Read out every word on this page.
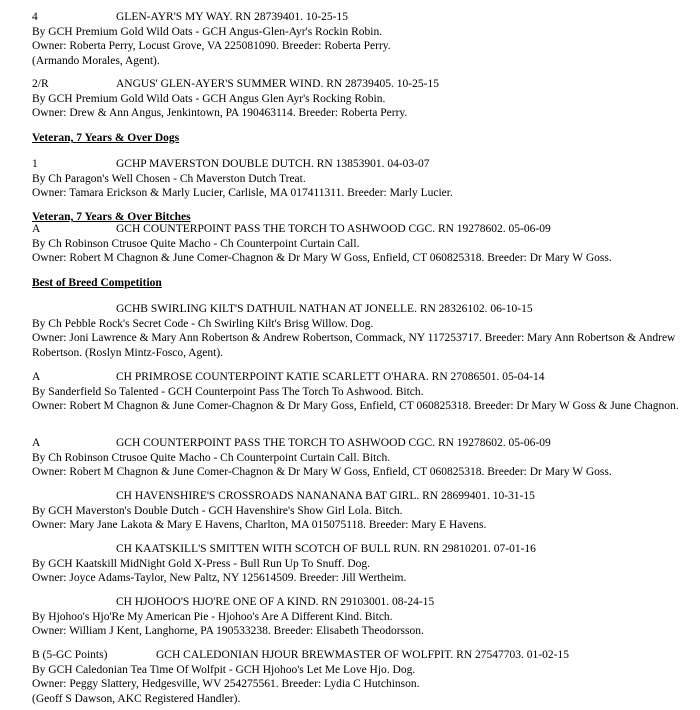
4	GLEN-AYR'S MY WAY. RN 28739401. 10-25-15
By GCH Premium Gold Wild Oats - GCH Angus-Glen-Ayr's Rockin Robin.
Owner: Roberta Perry, Locust Grove, VA 225081090. Breeder: Roberta Perry.
(Armando Morales, Agent).
2/R	ANGUS' GLEN-AYER'S SUMMER WIND. RN 28739405. 10-25-15
By GCH Premium Gold Wild Oats - GCH Angus Glen Ayr's Rocking Robin.
Owner: Drew & Ann Angus, Jenkintown, PA 190463114. Breeder: Roberta Perry.
Veteran, 7 Years & Over Dogs
1	GCHP MAVERSTON DOUBLE DUTCH. RN 13853901. 04-03-07
By Ch Paragon's Well Chosen - Ch Maverston Dutch Treat.
Owner: Tamara Erickson & Marly Lucier, Carlisle, MA 017411311. Breeder: Marly Lucier.
Veteran, 7 Years & Over Bitches
A	GCH COUNTERPOINT PASS THE TORCH TO ASHWOOD CGC. RN 19278602. 05-06-09
By Ch Robinson Ctrusoe Quite Macho - Ch Counterpoint Curtain Call.
Owner: Robert M Chagnon & June Comer-Chagnon & Dr Mary W Goss, Enfield, CT 060825318. Breeder: Dr Mary W Goss.
Best of Breed Competition
GCHB SWIRLING KILT'S DATHUIL NATHAN AT JONELLE. RN 28326102. 06-10-15
By Ch Pebble Rock's Secret Code - Ch Swirling Kilt's Brisg Willow. Dog.
Owner: Joni Lawrence & Mary Ann Robertson & Andrew Robertson, Commack, NY 117253717. Breeder: Mary Ann Robertson & Andrew Robertson. (Roslyn Mintz-Fosco, Agent).
A	CH PRIMROSE COUNTERPOINT KATIE SCARLETT O'HARA. RN 27086501. 05-04-14
By Sanderfield So Talented - GCH Counterpoint Pass The Torch To Ashwood. Bitch.
Owner: Robert M Chagnon & June Comer-Chagnon & Dr Mary Goss, Enfield, CT 060825318. Breeder: Dr Mary W Goss & June Chagnon.
A	GCH COUNTERPOINT PASS THE TORCH TO ASHWOOD CGC. RN 19278602. 05-06-09
By Ch Robinson Ctrusoe Quite Macho - Ch Counterpoint Curtain Call. Bitch.
Owner: Robert M Chagnon & June Comer-Chagnon & Dr Mary W Goss, Enfield, CT 060825318. Breeder: Dr Mary W Goss.
CH HAVENSHIRE'S CROSSROADS NANANANA BAT GIRL. RN 28699401. 10-31-15
By GCH Maverston's Double Dutch - GCH Havenshire's Show Girl Lola. Bitch.
Owner: Mary Jane Lakota & Mary E Havens, Charlton, MA 015075118. Breeder: Mary E Havens.
CH KAATSKILL'S SMITTEN WITH SCOTCH OF BULL RUN. RN 29810201. 07-01-16
By GCH Kaatskill MidNight Gold X-Press - Bull Run Up To Snuff. Dog.
Owner: Joyce Adams-Taylor, New Paltz, NY 125614509. Breeder: Jill Wertheim.
CH HJOHOO'S HJO'RE ONE OF A KIND. RN 29103001. 08-24-15
By Hjohoo's Hjo'Re My American Pie - Hjohoo's Are A Different Kind. Bitch.
Owner: William J Kent, Langhorne, PA 190533238. Breeder: Elisabeth Theodorsson.
B (5-GC Points)	GCH CALEDONIAN HJOUR BREWMASTER OF WOLFPIT. RN 27547703. 01-02-15
By GCH Caledonian Tea Time Of Wolfpit - GCH Hjohoo's Let Me Love Hjo. Dog.
Owner: Peggy Slattery, Hedgesville, WV 254275561. Breeder: Lydia C Hutchinson.
(Geoff S Dawson, AKC Registered Handler).
